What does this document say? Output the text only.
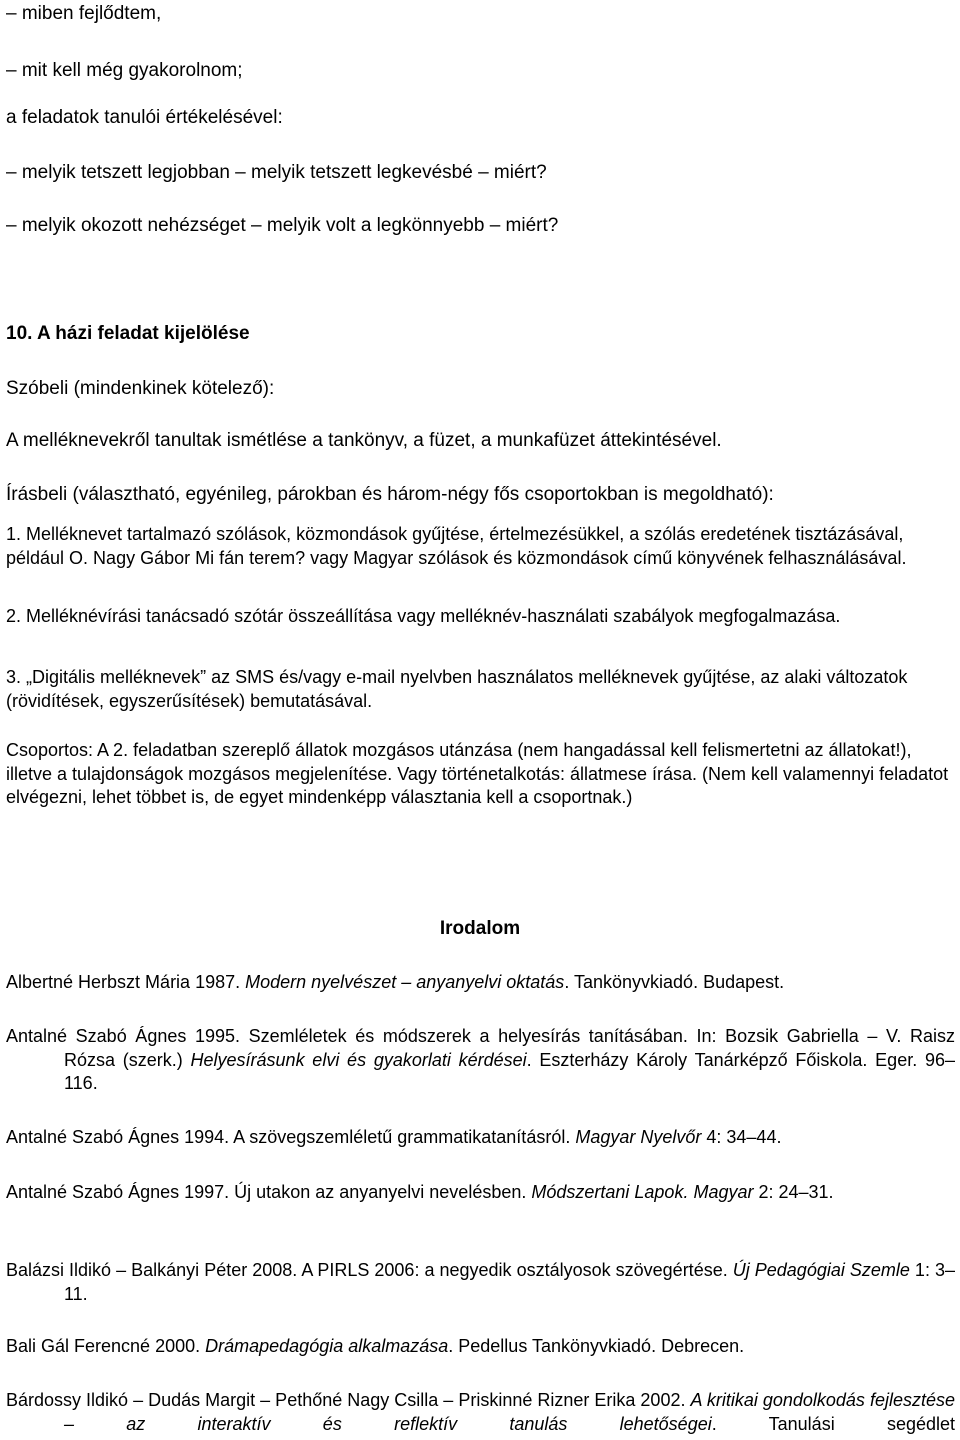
– miben fejlődtem,
– mit kell még gyakorolnom;
a feladatok tanulói értékelésével:
– melyik tetszett legjobban – melyik tetszett legkevésbé – miért?
– melyik okozott nehézséget – melyik volt a legkönnyebb – miért?
10. A házi feladat kijelölése
Szóbeli (mindenkinek kötelező):
A melléknevekről tanultak ismétlése a tankönyv, a füzet, a munkafüzet áttekintésével.
Írásbeli (választható, egyénileg, párokban és három-négy fős csoportokban is megoldható):
1. Melléknevet tartalmazó szólások, közmondások gyűjtése, értelmezésükkel, a szólás eredetének tisztázásával, például O. Nagy Gábor Mi fán terem? vagy Magyar szólások és közmondások című könyvének felhasználásával.
2. Melléknévírási tanácsadó szótár összeállítása vagy melléknév-használati szabályok megfogalmazása.
3. „Digitális melléknevek” az SMS és/vagy e-mail nyelvben használatos melléknevek gyűjtése, az alaki változatok (rövidítések, egyszerűsítések) bemutatásával.
Csoportos: A 2. feladatban szereplő állatok mozgásos utánzása (nem hangadással kell felismertetni az állatokat!), illetve a tulajdonságok mozgásos megjelenítése. Vagy történetalkotás: állatmese írása. (Nem kell valamennyi feladatot elvégezni, lehet többet is, de egyet mindenképp választania kell a csoportnak.)
Irodalom
Albertné Herbszt Mária 1987. Modern nyelvészet – anyanyelvi oktatás. Tankönyvkiadó. Budapest.
Antalné Szabó Ágnes 1995. Szemléletek és módszerek a helyesírás tanításában. In: Bozsik Gabriella – V. Raisz Rózsa (szerk.) Helyesírásunk elvi és gyakorlati kérdései. Eszterházy Károly Tanárképző Főiskola. Eger. 96–116.
Antalné Szabó Ágnes 1994. A szövegszemléletű grammatikatanításról. Magyar Nyelvőr 4: 34–44.
Antalné Szabó Ágnes 1997. Új utakon az anyanyelvi nevelésben. Módszertani Lapok. Magyar 2: 24–31.
Balázsi Ildikó – Balkányi Péter 2008. A PIRLS 2006: a negyedik osztályosok szövegértése. Új Pedagógiai Szemle 1: 3–11.
Bali Gál Ferencné 2000. Drámapedagógia alkalmazása. Pedellus Tankönyvkiadó. Debrecen.
Bárdossy Ildikó – Dudás Margit – Pethőné Nagy Csilla – Priskinné Rizner Erika 2002. A kritikai gondolkodás fejlesztése – az interaktív és reflektív tanulás lehetőségei. Tanulási segédlet
